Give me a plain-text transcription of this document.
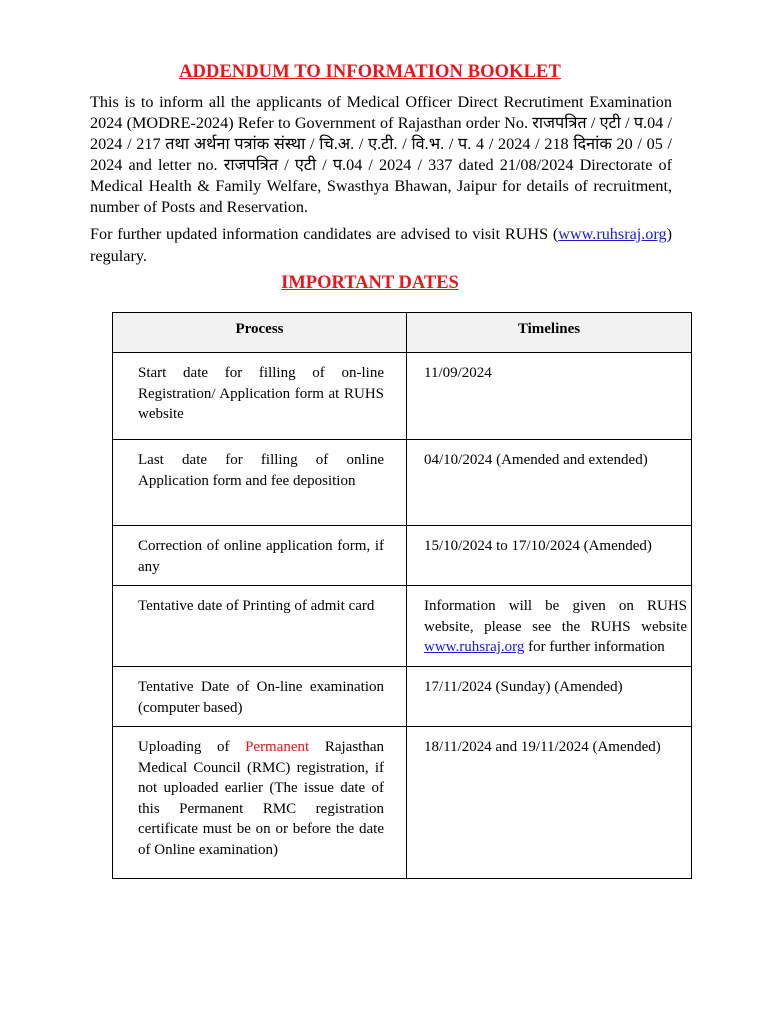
ADDENDUM TO INFORMATION BOOKLET

This is to inform all the applicants of Medical Officer Direct Recrutiment Examination 2024 (MODRE-2024) Refer to Government of Rajasthan order No. राजपत्रित / एटी / प.04 / 2024 / 217 तथा अर्थना पत्रांक संस्था / चि.अ. / ए.टी. / वि.भ. / प. 4 / 2024 / 218 दिनांक 20 / 05 / 2024 and letter no. राजपत्रित / एटी / प.04 / 2024 / 337 dated 21/08/2024 Directorate of Medical Health & Family Welfare, Swasthya Bhawan, Jaipur for details of recruitment, number of Posts and Reservation.

For further updated information candidates are advised to visit RUHS (www.ruhsraj.org) regulary.

IMPORTANT DATES
Process	Timelines
Start date for filling of on-line Registration/ Application form at RUHS website	11/09/2024
Last date for filling of online Application form and fee deposition	04/10/2024 (Amended and extended)
Correction of online application form, if any	15/10/2024 to 17/10/2024 (Amended)
Tentative date of Printing of admit card	Information will be given on RUHS website, please see the RUHS website www.ruhsraj.org for further information
Tentative Date of On-line examination (computer based)	17/11/2024 (Sunday) (Amended)
Uploading of Permanent Rajasthan Medical Council (RMC) registration, if not uploaded earlier (The issue date of this Permanent RMC registration certificate must be on or before the date of Online examination)	18/11/2024 and 19/11/2024 (Amended)
